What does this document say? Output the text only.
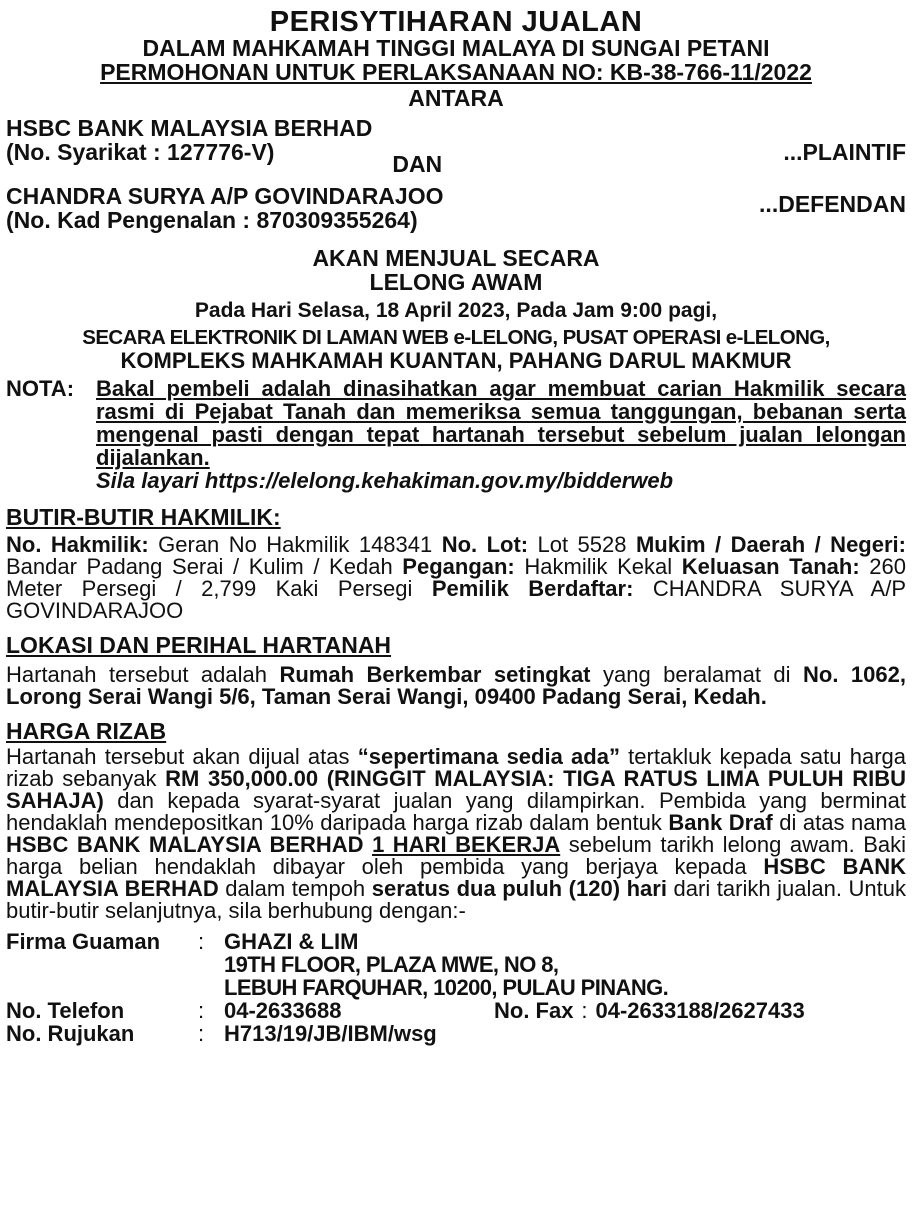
PERISYTIHARAN JUALAN
DALAM MAHKAMAH TINGGI MALAYA DI SUNGAI PETANI
PERMOHONAN UNTUK PERLAKSANAAN NO: KB-38-766-11/2022
ANTARA
HSBC BANK MALAYSIA BERHAD
(No. Syarikat : 127776-V)	DAN	...PLAINTIF
CHANDRA SURYA A/P GOVINDARAJOO
(No. Kad Pengenalan : 870309355264)
...DEFENDAN
AKAN MENJUAL SECARA
LELONG AWAM
Pada Hari Selasa, 18 April 2023, Pada Jam 9:00 pagi,
SECARA ELEKTRONIK DI LAMAN WEB e-LELONG, PUSAT OPERASI e-LELONG,
KOMPLEKS MAHKAMAH KUANTAN, PAHANG DARUL MAKMUR
NOTA: Bakal pembeli adalah dinasihatkan agar membuat carian Hakmilik secara rasmi di Pejabat Tanah dan memeriksa semua tanggungan, bebanan serta mengenal pasti dengan tepat hartanah tersebut sebelum jualan lelongan dijalankan.
Sila layari https://elelong.kehakiman.gov.my/bidderweb
BUTIR-BUTIR HAKMILIK:
No. Hakmilik: Geran No Hakmilik 148341 No. Lot: Lot 5528 Mukim / Daerah / Negeri: Bandar Padang Serai / Kulim / Kedah Pegangan: Hakmilik Kekal Keluasan Tanah: 260 Meter Persegi / 2,799 Kaki Persegi Pemilik Berdaftar: CHANDRA SURYA A/P GOVINDARAJOO
LOKASI DAN PERIHAL HARTANAH
Hartanah tersebut adalah Rumah Berkembar setingkat yang beralamat di No. 1062, Lorong Serai Wangi 5/6, Taman Serai Wangi, 09400 Padang Serai, Kedah.
HARGA RIZAB
Hartanah tersebut akan dijual atas “sepertimana sedia ada” tertakluk kepada satu harga rizab sebanyak RM 350,000.00 (RINGGIT MALAYSIA: TIGA RATUS LIMA PULUH RIBU SAHAJA) dan kepada syarat-syarat jualan yang dilampirkan. Pembida yang berminat hendaklah mendepositkan 10% daripada harga rizab dalam bentuk Bank Draf di atas nama HSBC BANK MALAYSIA BERHAD 1 HARI BEKERJA sebelum tarikh lelong awam. Baki harga belian hendaklah dibayar oleh pembida yang berjaya kepada HSBC BANK MALAYSIA BERHAD dalam tempoh seratus dua puluh (120) hari dari tarikh jualan. Untuk butir-butir selanjutnya, sila berhubung dengan:-
Firma Guaman	: GHAZI & LIM
19TH FLOOR, PLAZA MWE, NO 8,
LEBUH FARQUHAR, 10200, PULAU PINANG.
No. Telefon	: 04-2633688	No. Fax : 04-2633188/2627433
No. Rujukan	: H713/19/JB/IBM/wsg
